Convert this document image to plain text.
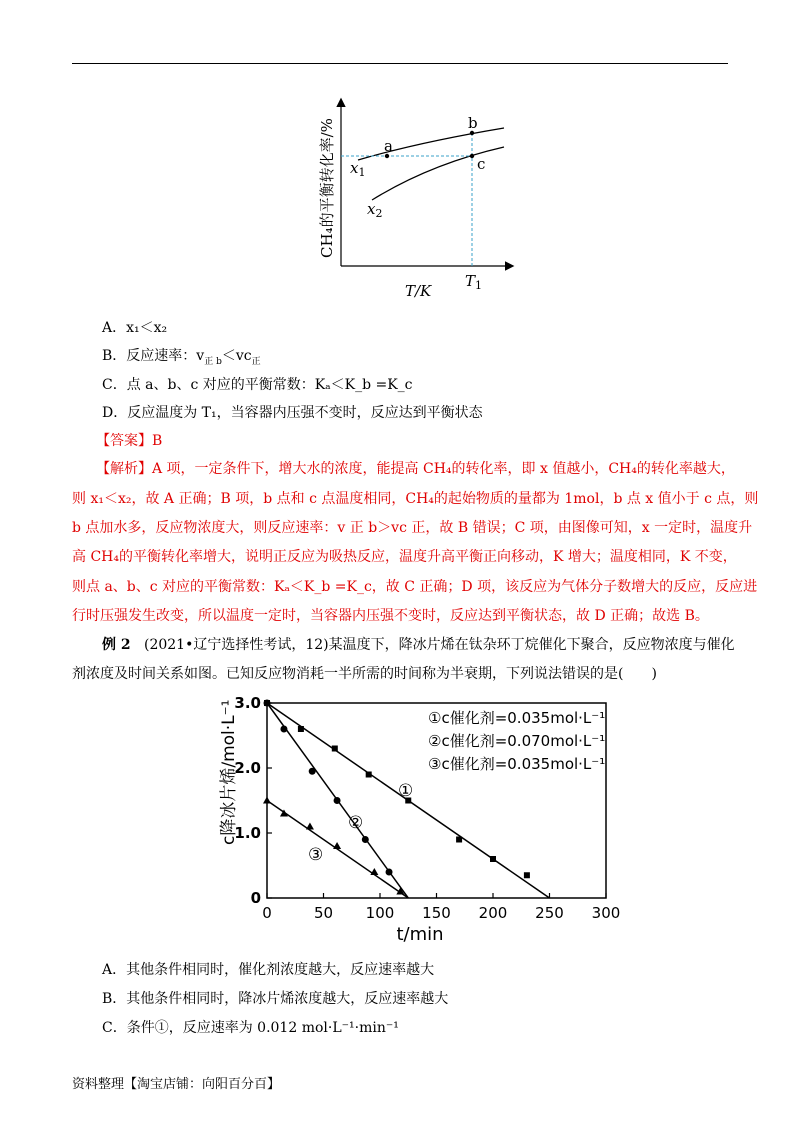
a
b
c
$x_1$
$x_2$
CH₄的平衡转化率/%
T/K
$T_1$
A．x₁＜x₂
B．反应速率：$v_{正 b}<vc_正$
C．点 a、b、c 对应的平衡常数：Kₐ＜K_b =K_c
D．反应温度为 T₁，当容器内压强不变时，反应达到平衡状态
【答案】B
【解析】A 项，一定条件下，增大水的浓度，能提高 CH₄的转化率，即 x 值越小，CH₄的转化率越大，
则 x₁＜x₂，故 A 正确；B 项，b 点和 c 点温度相同，CH₄的起始物质的量都为 1mol，b 点 x 值小于 c 点，则
b 点加水多，反应物浓度大，则反应速率：v 正 b＞vc 正，故 B 错误；C 项，由图像可知，x 一定时，温度升
高 CH₄的平衡转化率增大，说明正反应为吸热反应，温度升高平衡正向移动，K 增大；温度相同，K 不变，
则点 a、b、c 对应的平衡常数：Kₐ＜K_b =K_c，故 C 正确；D 项，该反应为气体分子数增大的反应，反应进
行时压强发生改变，所以温度一定时，当容器内压强不变时，反应达到平衡状态，故 D 正确；故选 B。
例 2 (2021•辽宁选择性考试，12)某温度下，降冰片烯在钛杂环丁烷催化下聚合，反应物浓度与催化
剂浓度及时间关系如图。已知反应物消耗一半所需的时间称为半衰期，下列说法错误的是(　　)
0	50 100 150 200 250 300
0
1.0
2.0
3.0
t/min
c降冰片烯/mol·L⁻¹	①c催化剂=0.035mol·L⁻¹
②c催化剂=0.070mol·L⁻¹
③c催化剂=0.035mol·L⁻¹
①
②
③
A．其他条件相同时，催化剂浓度越大，反应速率越大
B．其他条件相同时，降冰片烯浓度越大，反应速率越大
C．条件①，反应速率为 0.012 mol·L⁻¹·min⁻¹
资料整理【淘宝店铺：向阳百分百】
